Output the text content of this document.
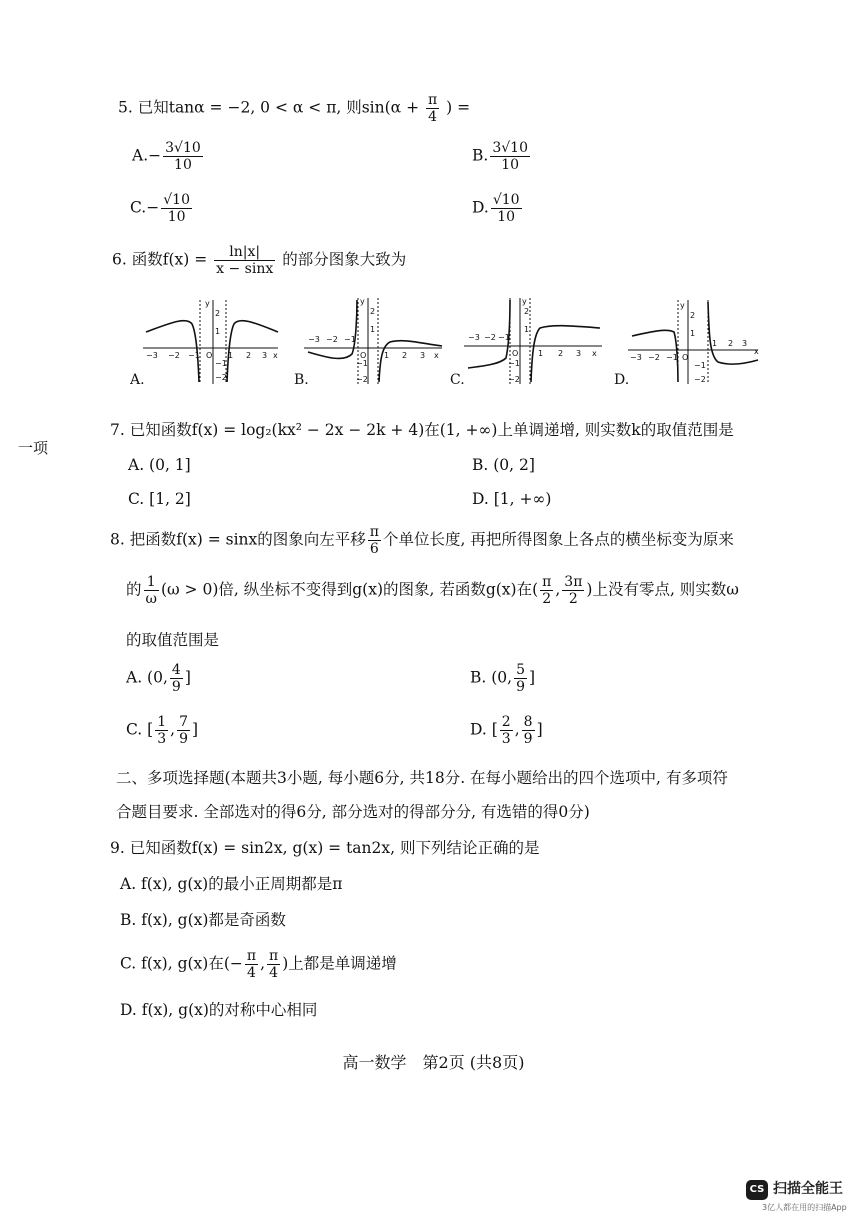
一项
5. 已知tanα = −2, 0 < α < π, 则$\sin(\alpha + \frac{\pi}{4}$ ) =
$A.- \frac{3√10}{10}$	B. $\frac{3√10}{10}$
$C.- \frac{√10}{10}$	D. $\frac{√10}{10}$
6. 函数$f(x) = \frac{\ln|x|}{x - \sin x}$ 的部分图象大致为
−3 −2 −1 O 1 2 3 x
y
2
1
−1
−2
A.
−3 −2 −1
O 1 2 3 x
y
2
1
−1
−2
B.
−3 −2 −1
O 1 2 3 x
y
2
1
−1
−2
C.
−3 −2 −1 O
1 2 3
x
y
2
1
−1
−2
D.
7. 已知函数f(x) = log₂(kx² − 2x − 2k + 4)在(1, +∞)上单调递增, 则实数k的取值范围是
A. (0, 1]	B. (0, 2]
C. [1, 2]	D. [1, +∞)
8. 把函数f(x) = sinx的图象向左平移 $\frac{\pi}{6}$ 个单位长度, 再把所得图象上各点的横坐标变为原来
的 $\frac{1}{\omega} (\omega > 0)$倍, 纵坐标不变得到g(x)的图象, 若函数g(x)在( $\frac{\pi}{2}$ , $\frac{3\pi}{2}$ )上没有零点, 则实数ω
的取值范围是
A. (0, $\frac{4}{9}$ ]	B. (0, $\frac{5}{9}$ ]
C. [ $\frac{1}{3}$ , $\frac{7}{9}$ ]	D. [ $\frac{2}{3}$ , $\frac{8}{9}$ ]
二、多项选择题(本题共3小题, 每小题6分, 共18分. 在每小题给出的四个选项中, 有多项符
合题目要求. 全部选对的得6分, 部分选对的得部分分, 有选错的得0分)
9. 已知函数f(x) = sin2x, g(x) = tan2x, 则下列结论正确的是
A. f(x), g(x)的最小正周期都是π
B. f(x), g(x)都是奇函数
C. f(x), g(x)在(− $\frac{\pi}{4}$ , $\frac{\pi}{4}$ )上都是单调递增
D. f(x), g(x)的对称中心相同
高一数学　第2页 (共8页)
CS 扫描全能王
3亿人都在用的扫描App
